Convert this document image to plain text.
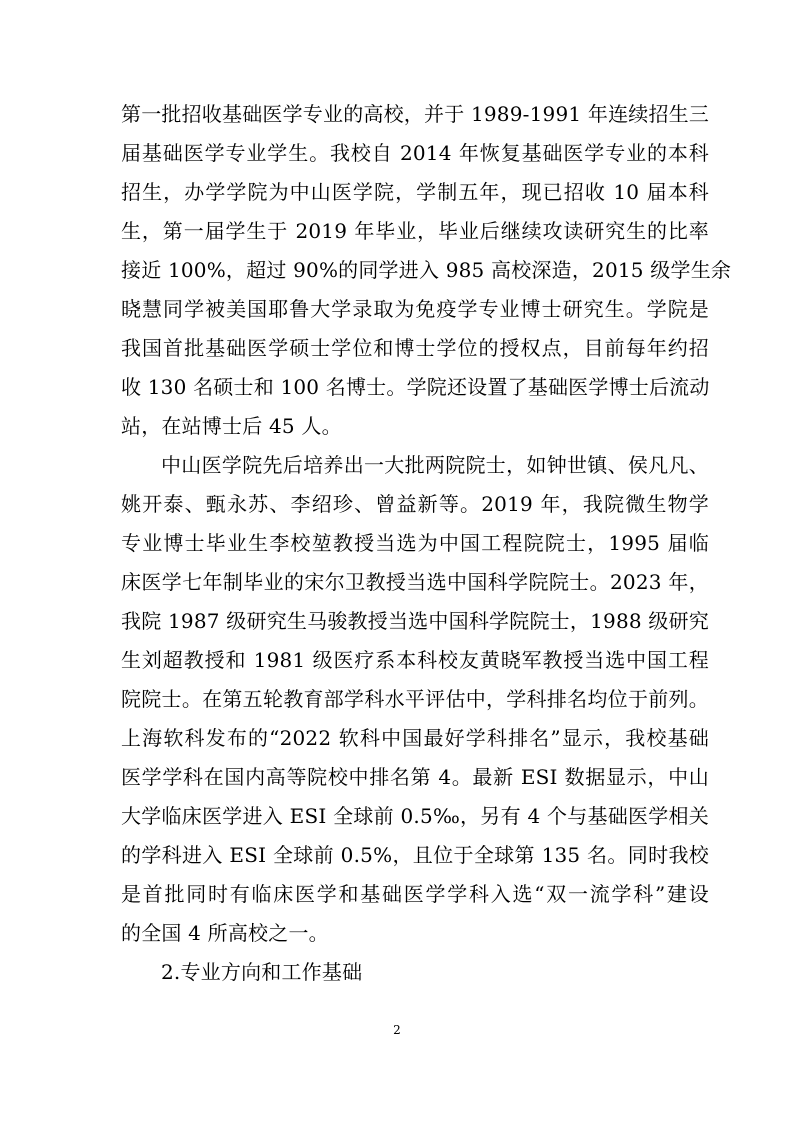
第一批招收基础医学专业的高校，并于 1989-1991 年连续招生三
届基础医学专业学生。我校自 2014 年恢复基础医学专业的本科
招生，办学学院为中山医学院，学制五年，现已招收 10 届本科
生，第一届学生于 2019 年毕业，毕业后继续攻读研究生的比率
接近 100%，超过 90%的同学进入 985 高校深造，2015 级学生余
晓慧同学被美国耶鲁大学录取为免疫学专业博士研究生。学院是
我国首批基础医学硕士学位和博士学位的授权点，目前每年约招
收 130 名硕士和 100 名博士。学院还设置了基础医学博士后流动
站，在站博士后 45 人。
中山医学院先后培养出一大批两院院士，如钟世镇、侯凡凡、
姚开泰、甄永苏、李绍珍、曾益新等。2019 年，我院微生物学
专业博士毕业生李校堃教授当选为中国工程院院士，1995 届临
床医学七年制毕业的宋尔卫教授当选中国科学院院士。2023 年，
我院 1987 级研究生马骏教授当选中国科学院院士，1988 级研究
生刘超教授和 1981 级医疗系本科校友黄晓军教授当选中国工程
院院士。在第五轮教育部学科水平评估中，学科排名均位于前列。
上海软科发布的“2022 软科中国最好学科排名”显示，我校基础
医学学科在国内高等院校中排名第 4。最新 ESI 数据显示，中山
大学临床医学进入 ESI 全球前 0.5‰，另有 4 个与基础医学相关
的学科进入 ESI 全球前 0.5%，且位于全球第 135 名。同时我校
是首批同时有临床医学和基础医学学科入选“双一流学科”建设
的全国 4 所高校之一。
2.专业方向和工作基础
2
